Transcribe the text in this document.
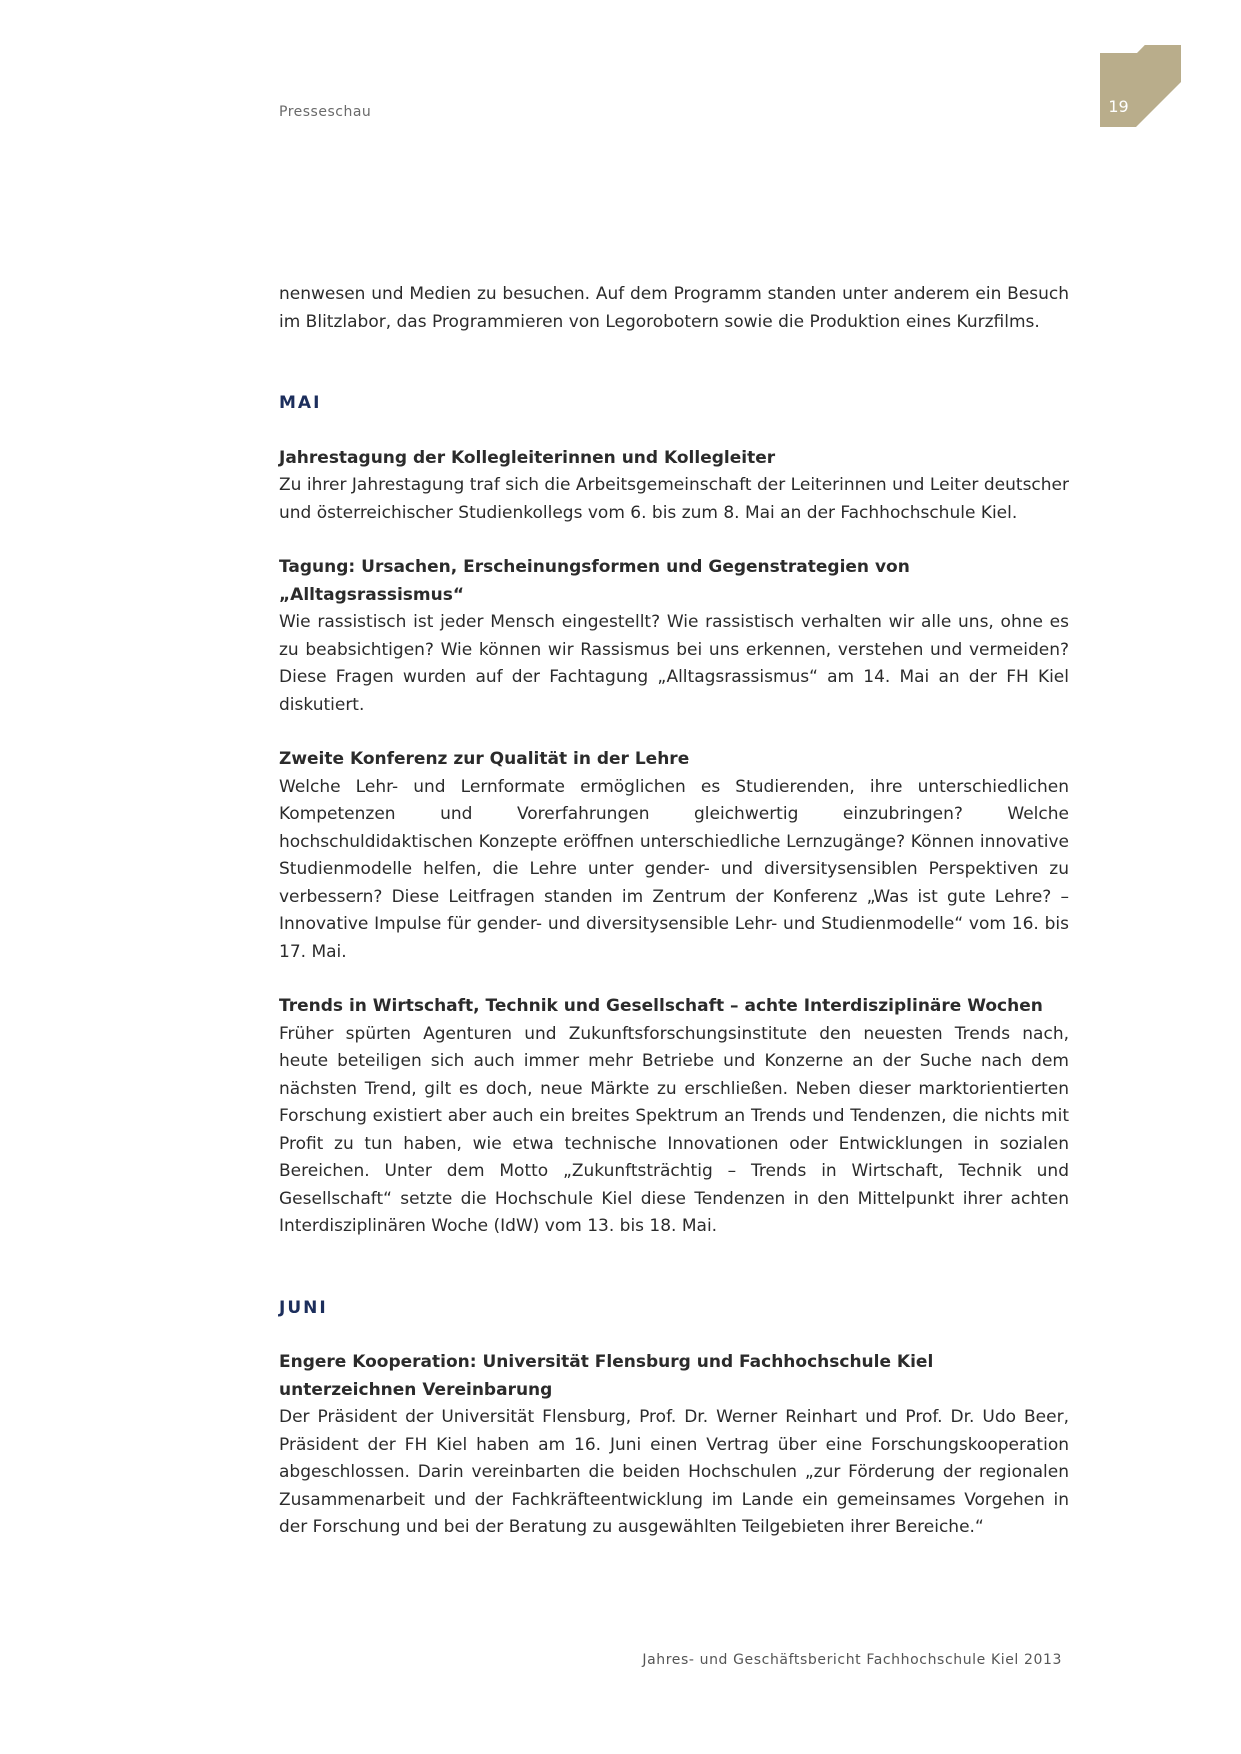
Presseschau	19

nenwesen und Medien zu besuchen. Auf dem Programm standen unter anderem ein Besuch im Blitzlabor, das Programmieren von Legorobotern sowie die Produktion eines Kurzfilms.

MAI
Jahrestagung der Kollegleiterinnen und Kollegleiter

Zu ihrer Jahrestagung traf sich die Arbeitsgemeinschaft der Leiterinnen und Leiter deutscher und österreichischer Studienkollegs vom 6. bis zum 8. Mai an der Fachhochschule Kiel.

Tagung: Ursachen, Erscheinungsformen und Gegenstrategien von „Alltagsrassismus“

Wie rassistisch ist jeder Mensch eingestellt? Wie rassistisch verhalten wir alle uns, ohne es zu beabsichtigen? Wie können wir Rassismus bei uns erkennen, verstehen und vermeiden? Diese Fragen wurden auf der Fachtagung „Alltagsrassismus“ am 14. Mai an der FH Kiel diskutiert.

Zweite Konferenz zur Qualität in der Lehre

Welche Lehr- und Lernformate ermöglichen es Studierenden, ihre unterschiedlichen Kompetenzen und Vorerfahrungen gleichwertig einzubringen? Welche hochschuldidaktischen Konzepte eröffnen unterschiedliche Lernzugänge? Können innovative Studienmodelle helfen, die Lehre unter gender- und diversitysensiblen Perspektiven zu verbessern? Diese Leitfragen standen im Zentrum der Konferenz „Was ist gute Lehre? – Innovative Impulse für gender- und diversitysensible Lehr- und Studienmodelle“ vom 16. bis 17. Mai.

Trends in Wirtschaft, Technik und Gesellschaft – achte Interdisziplinäre Wochen

Früher spürten Agenturen und Zukunftsforschungsinstitute den neuesten Trends nach, heute beteiligen sich auch immer mehr Betriebe und Konzerne an der Suche nach dem nächsten Trend, gilt es doch, neue Märkte zu erschließen. Neben dieser marktorientierten Forschung existiert aber auch ein breites Spektrum an Trends und Tendenzen, die nichts mit Profit zu tun haben, wie etwa technische Innovationen oder Entwicklungen in sozialen Bereichen. Unter dem Motto „Zukunftsträchtig – Trends in Wirtschaft, Technik und Gesellschaft“ setzte die Hochschule Kiel diese Tendenzen in den Mittelpunkt ihrer achten Interdisziplinären Woche (IdW) vom 13. bis 18. Mai.

JUNI
Engere Kooperation: Universität Flensburg und Fachhochschule Kiel unterzeichnen Vereinbarung

Der Präsident der Universität Flensburg, Prof. Dr. Werner Reinhart und Prof. Dr. Udo Beer, Präsident der FH Kiel haben am 16. Juni einen Vertrag über eine Forschungskooperation abgeschlossen. Darin vereinbarten die beiden Hochschulen „zur Förderung der regionalen Zusammenarbeit und der Fachkräfteentwicklung im Lande ein gemeinsames Vorgehen in der Forschung und bei der Beratung zu ausgewählten Teilgebieten ihrer Bereiche.“

Jahres- und Geschäftsbericht Fachhochschule Kiel 2013
